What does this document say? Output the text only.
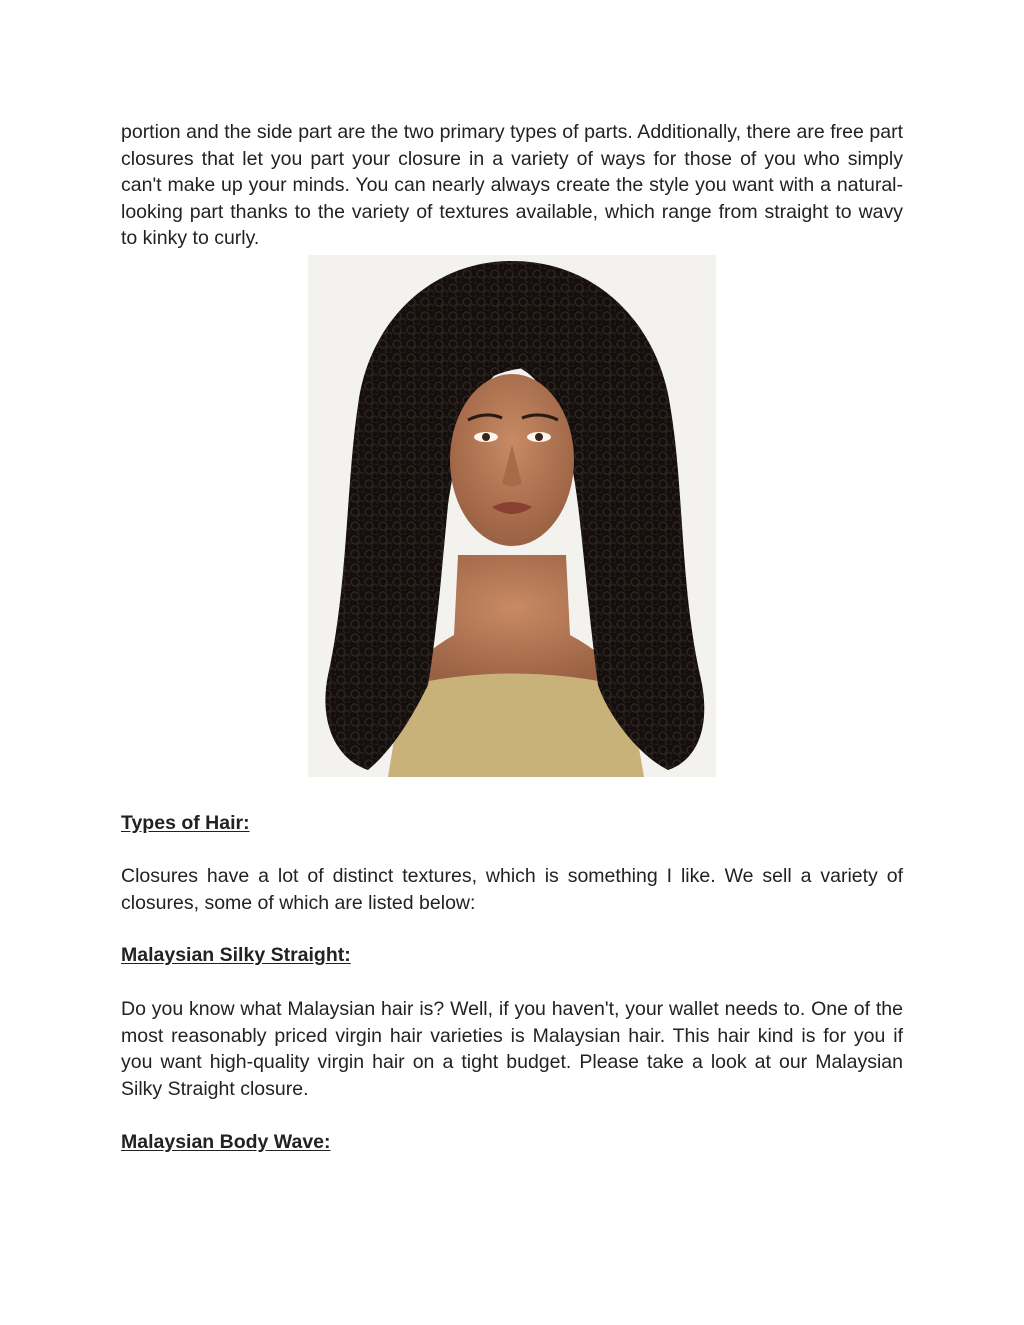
portion and the side part are the two primary types of parts. Additionally, there are free part closures that let you part your closure in a variety of ways for those of you who simply can't make up your minds. You can nearly always create the style you want with a natural-looking part thanks to the variety of textures available, which range from straight to wavy to kinky to curly.

Types of Hair:

Closures have a lot of distinct textures, which is something I like. We sell a variety of closures, some of which are listed below:

Malaysian Silky Straight:

Do you know what Malaysian hair is? Well, if you haven't, your wallet needs to. One of the most reasonably priced virgin hair varieties is Malaysian hair. This hair kind is for you if you want high-quality virgin hair on a tight budget. Please take a look at our Malaysian Silky Straight closure.

Malaysian Body Wave:
